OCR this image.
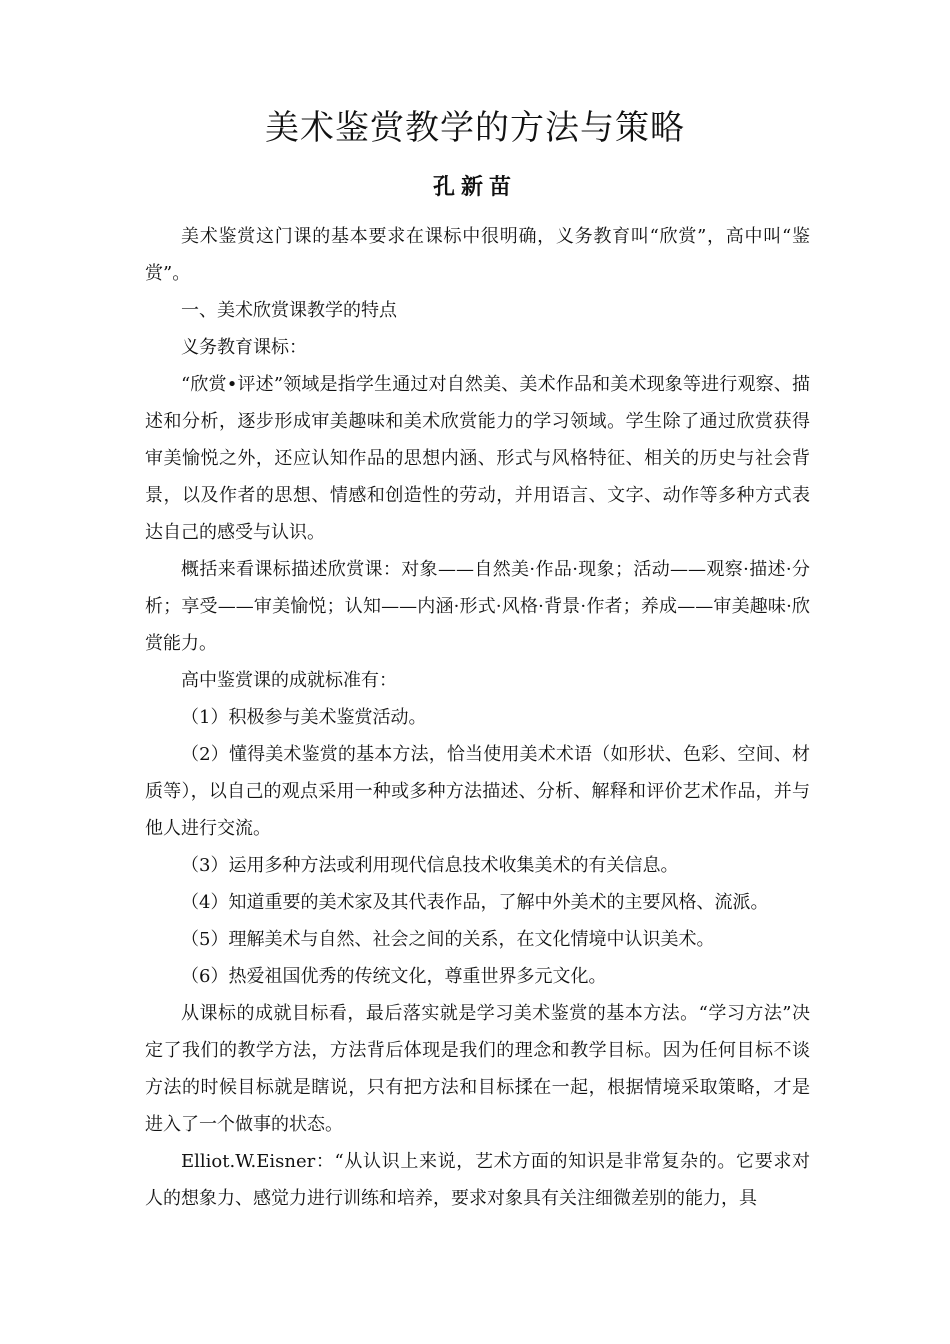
美术鉴赏教学的方法与策略
孔新苗

美术鉴赏这门课的基本要求在课标中很明确，义务教育叫“欣赏”，高中叫“鉴赏”。

一、美术欣赏课教学的特点

义务教育课标：

“欣赏•评述”领域是指学生通过对自然美、美术作品和美术现象等进行观察、描述和分析，逐步形成审美趣味和美术欣赏能力的学习领域。学生除了通过欣赏获得审美愉悦之外，还应认知作品的思想内涵、形式与风格特征、相关的历史与社会背景，以及作者的思想、情感和创造性的劳动，并用语言、文字、动作等多种方式表达自己的感受与认识。

概括来看课标描述欣赏课：对象——自然美·作品·现象；活动——观察·描述·分析；享受——审美愉悦；认知——内涵·形式·风格·背景·作者；养成——审美趣味·欣赏能力。

高中鉴赏课的成就标准有：

（1）积极参与美术鉴赏活动。

（2）懂得美术鉴赏的基本方法，恰当使用美术术语（如形状、色彩、空间、材质等），以自己的观点采用一种或多种方法描述、分析、解释和评价艺术作品，并与他人进行交流。

（3）运用多种方法或利用现代信息技术收集美术的有关信息。

（4）知道重要的美术家及其代表作品，了解中外美术的主要风格、流派。

（5）理解美术与自然、社会之间的关系，在文化情境中认识美术。

（6）热爱祖国优秀的传统文化，尊重世界多元文化。

从课标的成就目标看，最后落实就是学习美术鉴赏的基本方法。“学习方法”决定了我们的教学方法，方法背后体现是我们的理念和教学目标。因为任何目标不谈方法的时候目标就是瞎说，只有把方法和目标揉在一起，根据情境采取策略，才是进入了一个做事的状态。

Elliot.W.Eisner：“从认识上来说，艺术方面的知识是非常复杂的。它要求对人的想象力、感觉力进行训练和培养，要求对象具有关注细微差别的能力，具
